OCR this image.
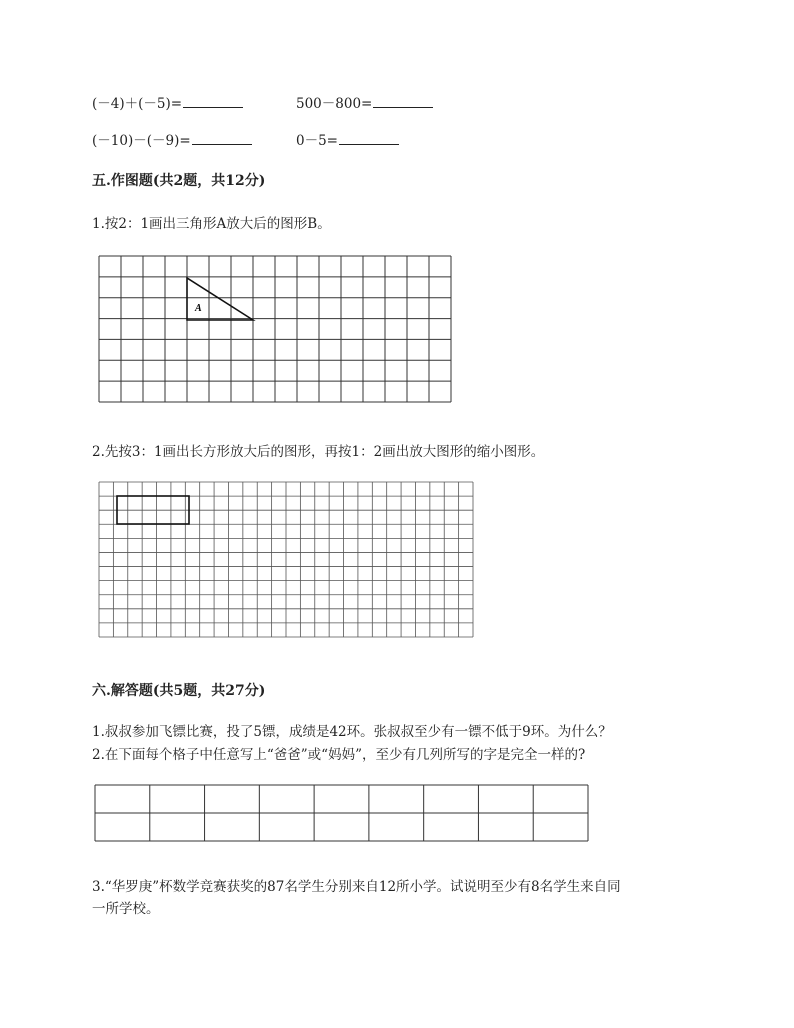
(－4)＋(－5)=	500－800=
(－10)－(－9)=	0－5=
五.作图题(共2题，共12分)
1.按2：1画出三角形A放大后的图形B。
A
2.先按3：1画出长方形放大后的图形，再按1：2画出放大图形的缩小图形。
六.解答题(共5题，共27分)
1.叔叔参加飞镖比赛，投了5镖，成绩是42环。张叔叔至少有一镖不低于9环。为什么？
2.在下面每个格子中任意写上“爸爸”或“妈妈”，至少有几列所写的字是完全一样的?
3.“华罗庚”杯数学竞赛获奖的87名学生分别来自12所小学。试说明至少有8名学生来自同
一所学校。
